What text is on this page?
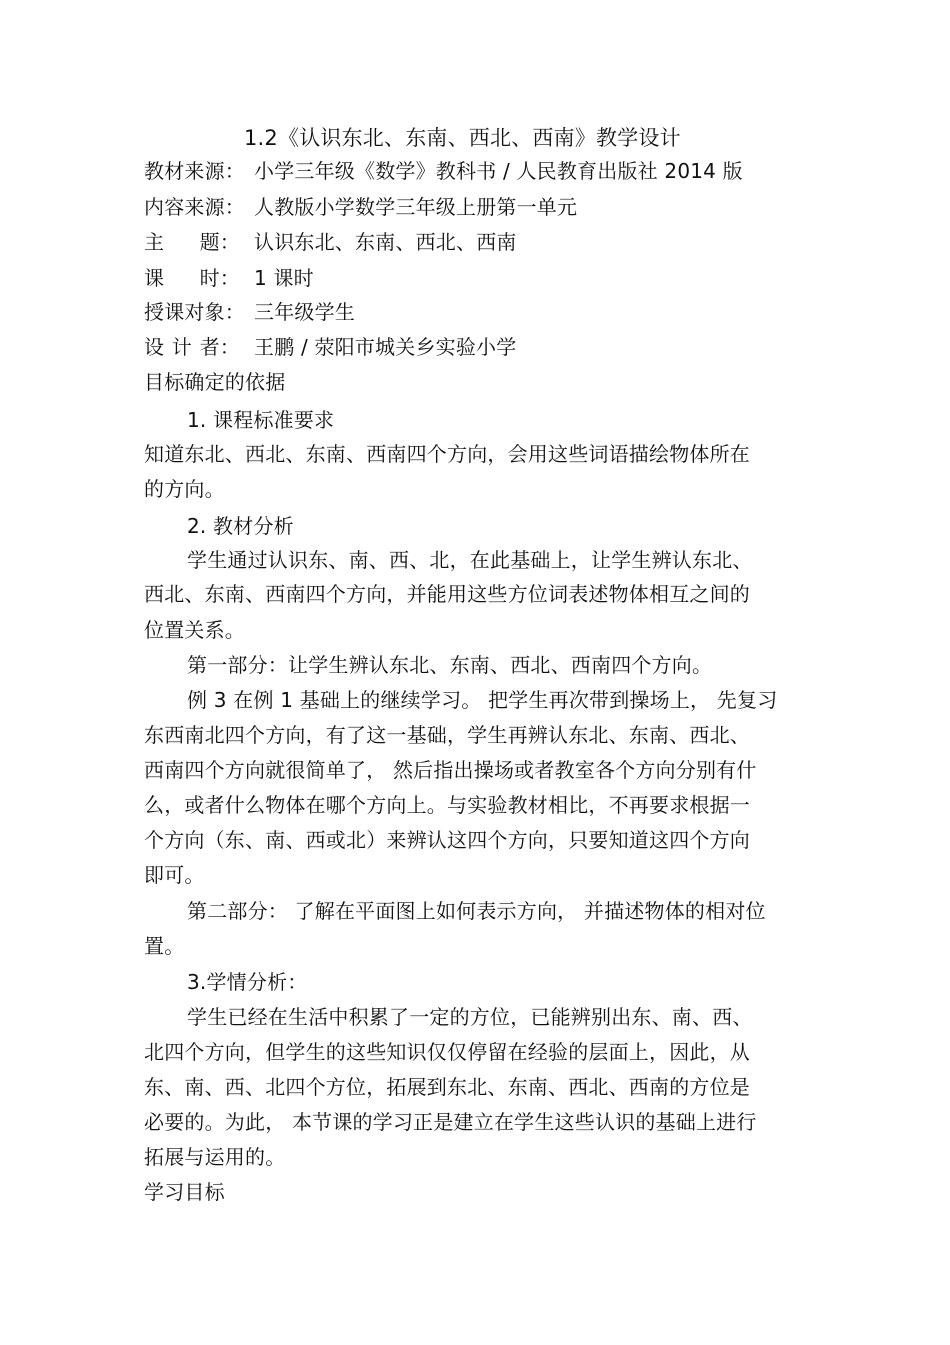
1.2《认识东北、东南、西北、西南》教学设计
教材来源： 小学三年级《数学》教科书 / 人民教育出版社 2014 版
内容来源： 人教版小学数学三年级上册第一单元
主 题： 认识东北、东南、西北、西南
课 时： 1 课时
授课对象： 三年级学生
设 计 者： 王鹏 / 荥阳市城关乡实验小学
目标确定的依据
1. 课程标准要求
知道东北、西北、东南、西南四个方向，会用这些词语描绘物体所在
的方向。
2. 教材分析
学生通过认识东、南、西、北，在此基础上，让学生辨认东北、
西北、东南、西南四个方向，并能用这些方位词表述物体相互之间的
位置关系。
第一部分：让学生辨认东北、东南、西北、西南四个方向。
例 3 在例 1 基础上的继续学习。 把学生再次带到操场上， 先复习
东西南北四个方向，有了这一基础，学生再辨认东北、东南、西北、
西南四个方向就很简单了， 然后指出操场或者教室各个方向分别有什
么，或者什么物体在哪个方向上。与实验教材相比，不再要求根据一
个方向（东、南、西或北）来辨认这四个方向，只要知道这四个方向
即可。
第二部分： 了解在平面图上如何表示方向， 并描述物体的相对位
置。
3.学情分析：
学生已经在生活中积累了一定的方位，已能辨别出东、南、西、
北四个方向，但学生的这些知识仅仅停留在经验的层面上，因此，从
东、南、西、北四个方位，拓展到东北、东南、西北、西南的方位是
必要的。为此， 本节课的学习正是建立在学生这些认识的基础上进行
拓展与运用的。
学习目标
